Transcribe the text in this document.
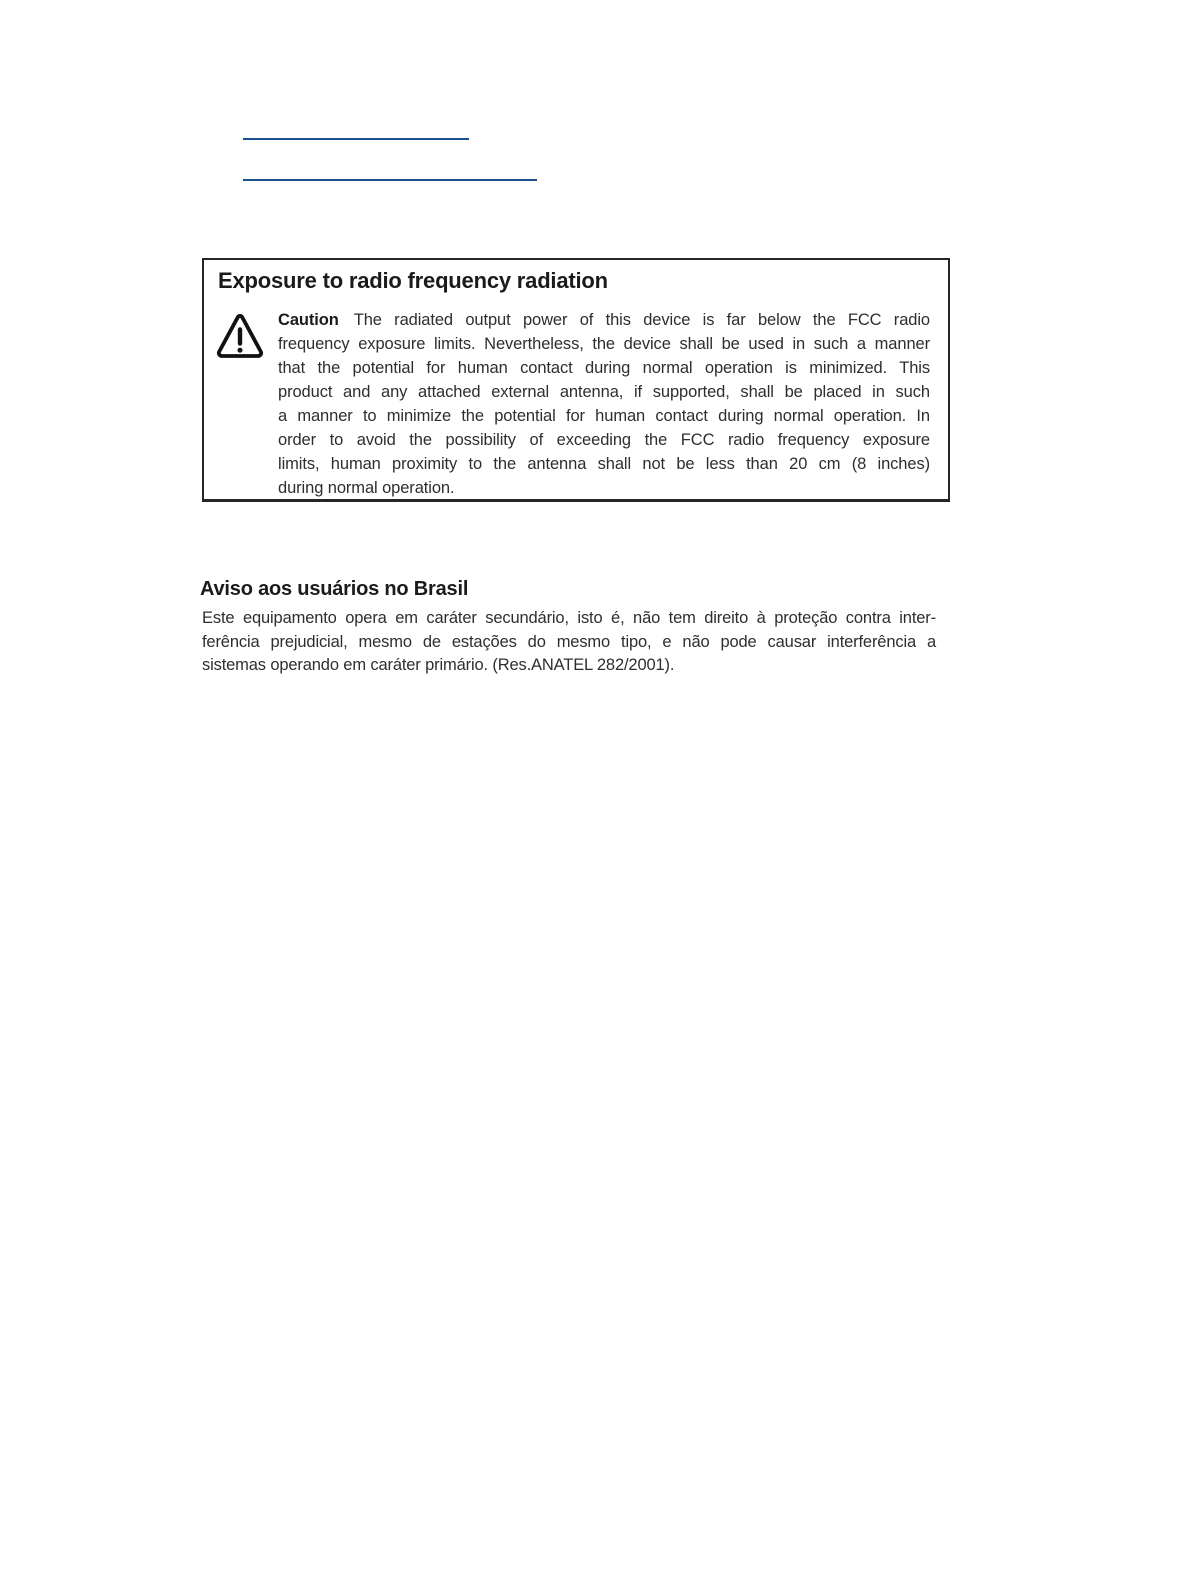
Exposure to radio frequency radiation
Caution The radiated output power of this device is far below the FCC radio
frequency exposure limits. Nevertheless, the device shall be used in such a manner
that the potential for human contact during normal operation is minimized. This
product and any attached external antenna, if supported, shall be placed in such
a manner to minimize the potential for human contact during normal operation. In
order to avoid the possibility of exceeding the FCC radio frequency exposure
limits, human proximity to the antenna shall not be less than 20 cm (8 inches)
during normal operation.
Aviso aos usuários no Brasil
Este equipamento opera em caráter secundário, isto é, não tem direito à proteção contra inter-
ferência prejudicial, mesmo de estações do mesmo tipo, e não pode causar interferência a
sistemas operando em caráter primário. (Res.ANATEL 282/2001).
